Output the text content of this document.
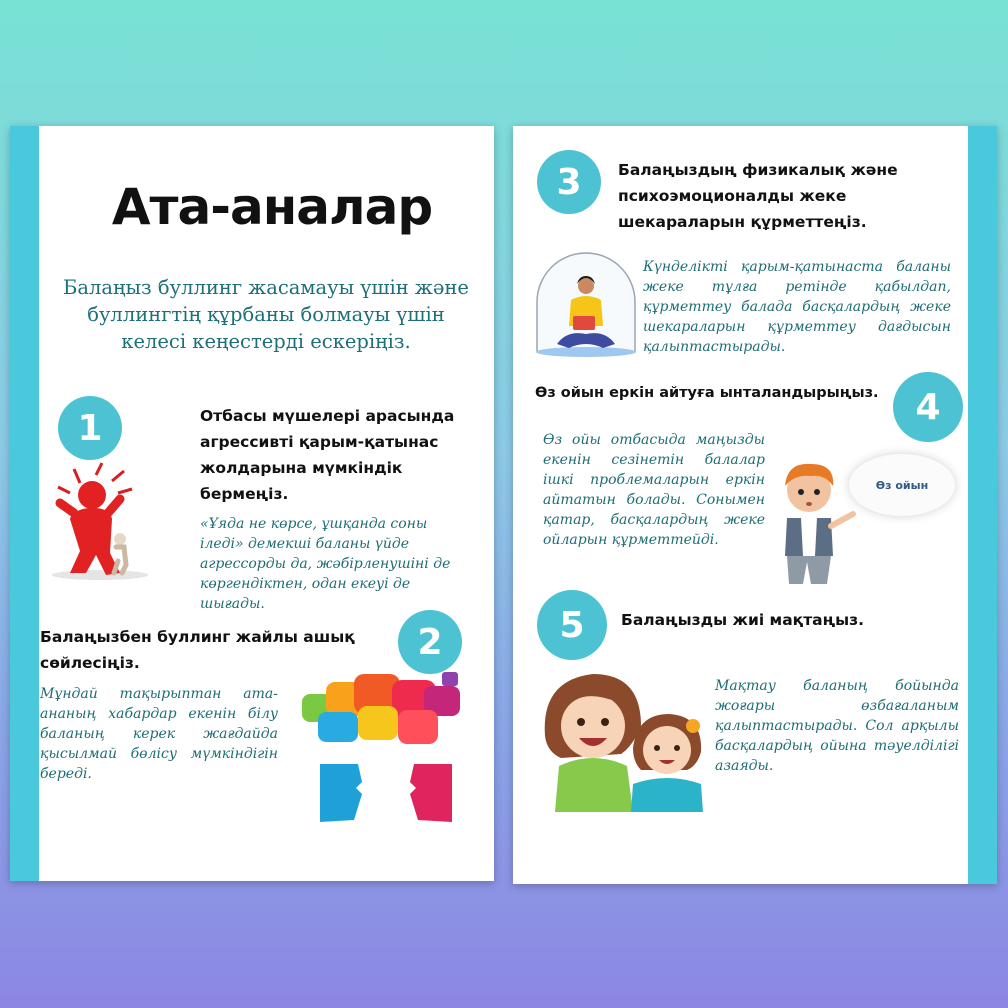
Ата-аналар
Балаңыз буллинг жасамауы үшін және буллингтің құрбаны болмауы үшін келесі кеңестерді ескеріңіз.
1	Отбасы мүшелері арасында агрессивті қарым-қатынас жолдарына мүмкіндік бермеңіз.
«Ұяда не көрсе, ұшқанда соны іледі» демекші баланы үйде агрессорды да, жәбірленушіні де көргендіктен, одан екеуі де шығады.
2
Балаңызбен буллинг жайлы ашық сөйлесіңіз.
Мұндай тақырыптан ата-ананың хабардар екенін білу баланың керек жағдайда қысылмай бөлісу мүмкіндігін береді.
3	Балаңыздың физикалық және психоэмоционалды жеке шекараларын құрметтеңіз.
Күнделікті қарым-қатынаста баланы жеке тұлға ретінде қабылдап, құрметтеу балада басқалардың жеке шекараларын құрметтеу дағдысын қалыптастырады.
Өз ойын еркін айтуға ынталандырыңыз.	4
Өз ойы отбасыда маңызды екенін сезінетін балалар ішкі проблемаларын еркін айтатын болады. Сонымен қатар, басқалардың жеке ойларын құрметтейді.
Өз ойын
5	Балаңызды жиі мақтаңыз.
Мақтау баланың бойында жоғары өзбағаланым қалыптастырады. Сол арқылы басқалардың ойына тәуелділігі азаяды.
